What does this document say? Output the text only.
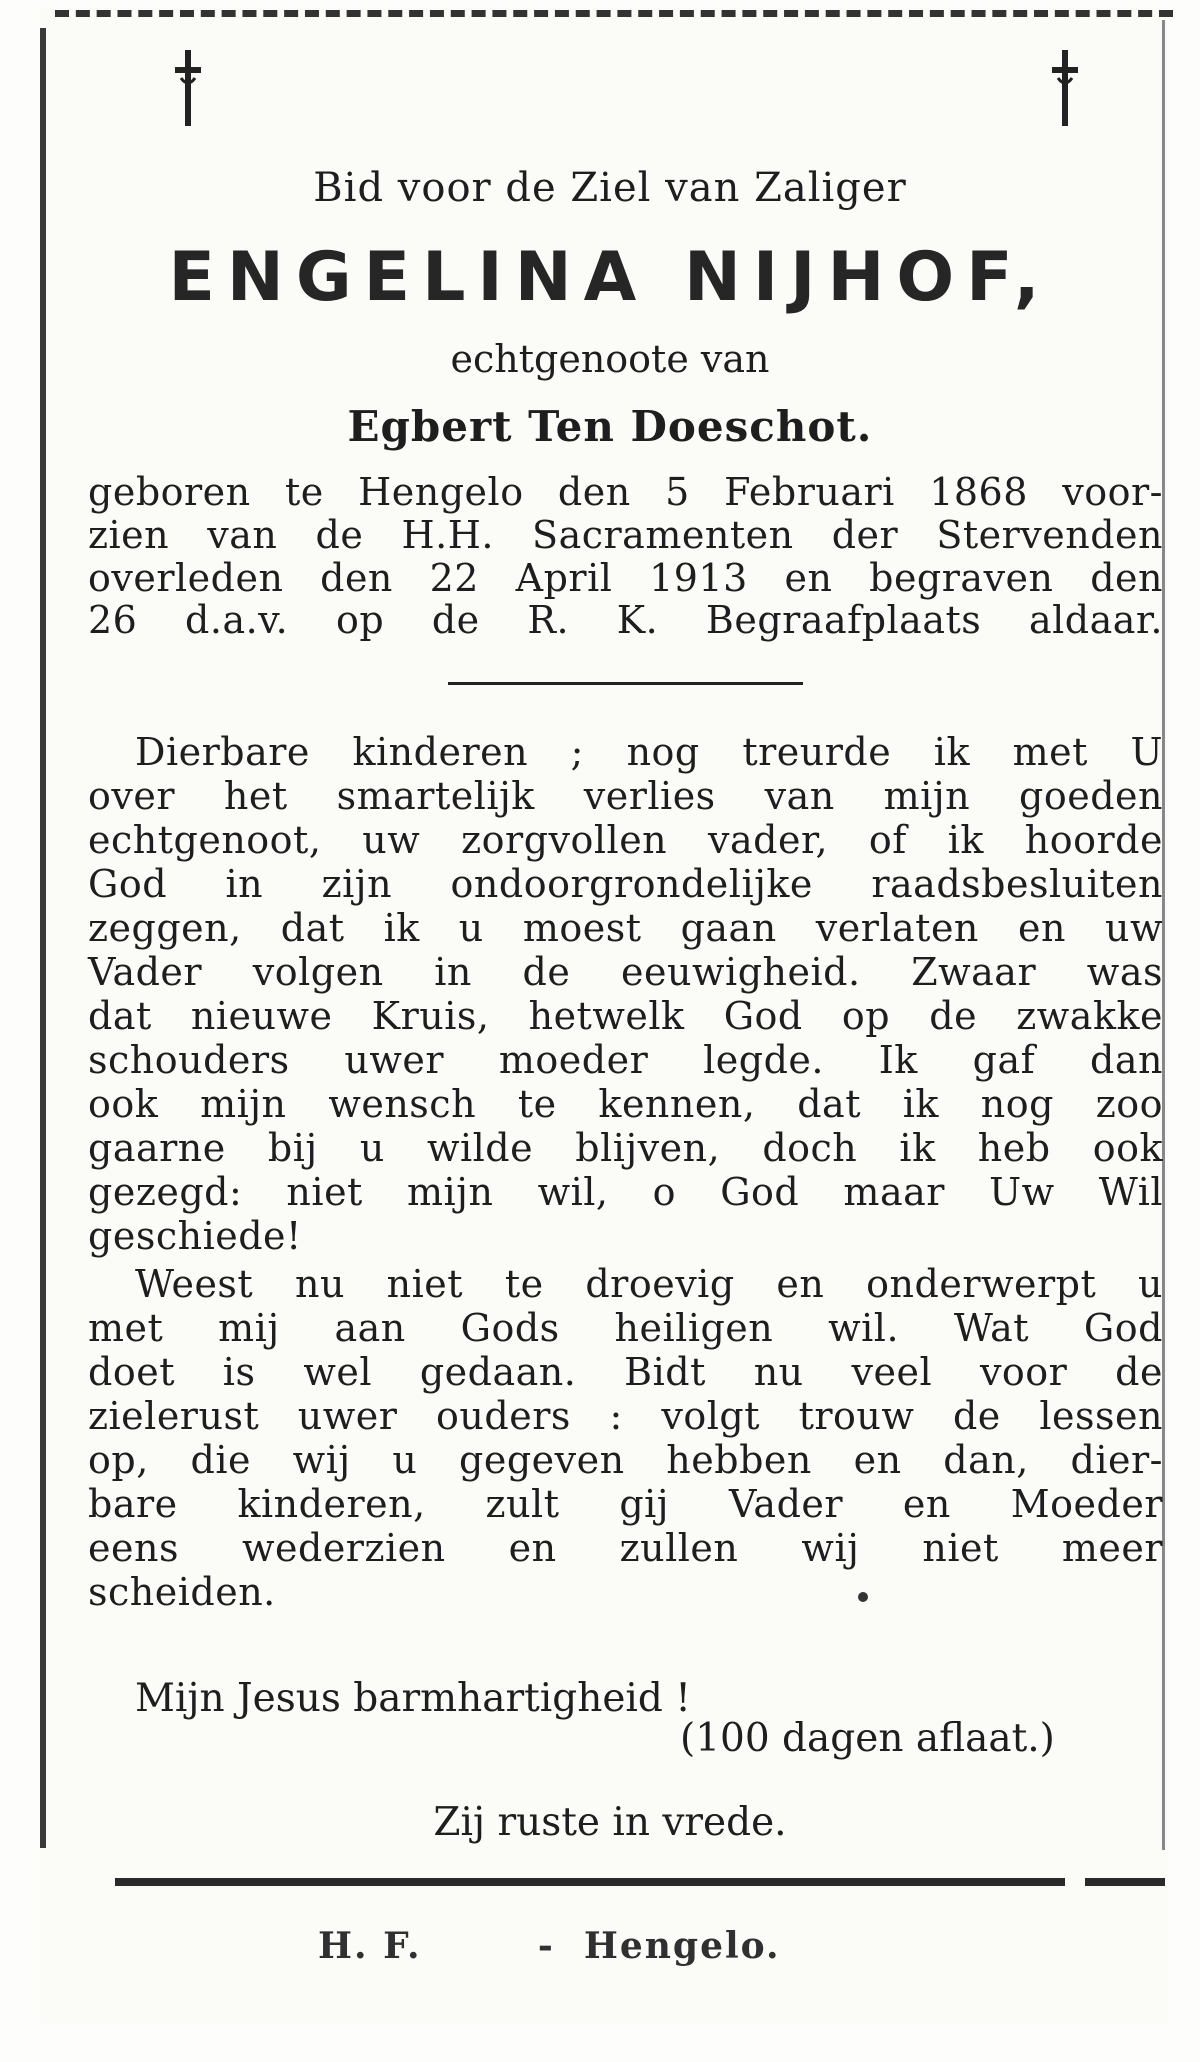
Bid voor de Ziel van Zaliger
ENGELINA NIJHOF,
echtgenoote van
Egbert Ten Doeschot.
geboren te Hengelo den 5 Februari 1868 voor-
zien van de H.H. Sacramenten der Stervenden
overleden den 22 April 1913 en begraven den
26 d.a.v. op de R. K. Begraafplaats aldaar.
Dierbare kinderen ; nog treurde ik met U
over het smartelijk verlies van mijn goeden
echtgenoot, uw zorgvollen vader, of ik hoorde
God in zijn ondoorgrondelijke raadsbesluiten
zeggen, dat ik u moest gaan verlaten en uw
Vader volgen in de eeuwigheid. Zwaar was
dat nieuwe Kruis, hetwelk God op de zwakke
schouders uwer moeder legde. Ik gaf dan
ook mijn wensch te kennen, dat ik nog zoo
gaarne bij u wilde blijven, doch ik heb ook
gezegd: niet mijn wil, o God maar Uw Wil
geschiede!
Weest nu niet te droevig en onderwerpt u
met mij aan Gods heiligen wil. Wat God
doet is wel gedaan. Bidt nu veel voor de
zielerust uwer ouders : volgt trouw de lessen
op, die wij u gegeven hebben en dan, dier-
bare kinderen, zult gij Vader en Moeder
eens wederzien en zullen wij niet meer
scheiden.
Mijn Jesus barmhartigheid !
(100 dagen aflaat.)
Zij ruste in vrede.
H. F.        -  Hengelo.
